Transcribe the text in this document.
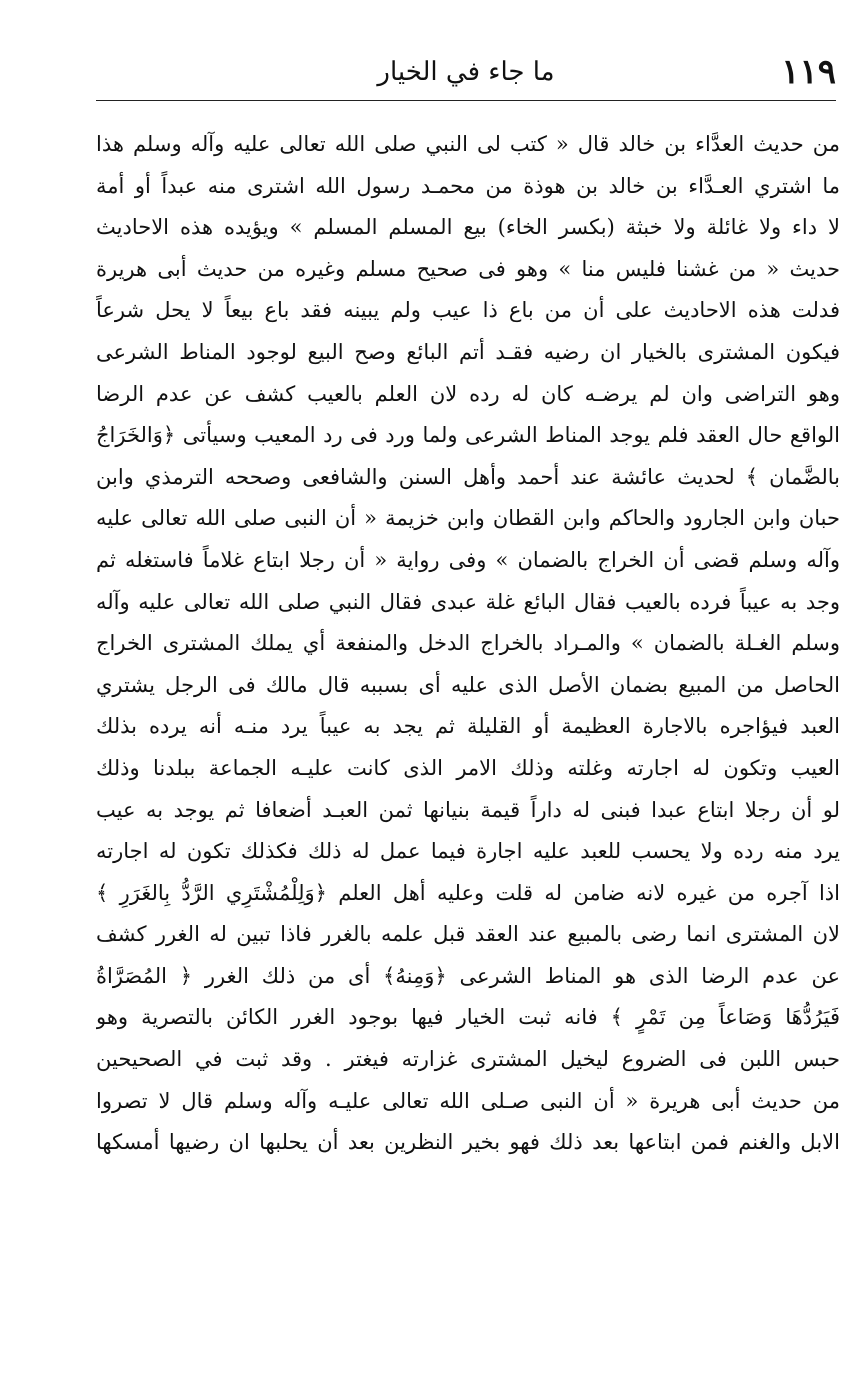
١١٩
ما جاء في الخيار
من حديث العدَّاء بن خالد قال « كتب لى النبي صلى الله تعالى عليه وآله وسلم هذا
ما اشتري العـدَّاء بن خالد بن هوذة من محمـد رسول الله اشترى منه عبداً أو أمة
لا داء ولا غائلة ولا خبثة (بكسر الخاء) بيع المسلم المسلم » ويؤيده هذه الاحاديث
حديث « من غشنا فليس منا » وهو فى صحيح مسلم وغيره من حديث أبى هريرة
فدلت هذه الاحاديث على أن من باع ذا عيب ولم يبينه فقد باع بيعاً لا يحل شرعاً
فيكون المشترى بالخيار ان رضيه فقـد أتم البائع وصح البيع لوجود المناط الشرعى
وهو التراضى وان لم يرضـه كان له رده لان العلم بالعيب كشف عن عدم الرضا
الواقع حال العقد فلم يوجد المناط الشرعى ولما ورد فى رد المعيب وسيأتى ﴿وَالخَرَاجُ
بالضَّمان ﴾ لحديث عائشة عند أحمد وأهل السنن والشافعى وصححه الترمذي وابن
حبان وابن الجارود والحاكم وابن القطان وابن خزيمة « أن النبى صلى الله تعالى عليه
وآله وسلم قضى أن الخراج بالضمان » وفى رواية « أن رجلا ابتاع غلاماً فاستغله ثم
وجد به عيباً فرده بالعيب فقال البائع غلة عبدى فقال النبي صلى الله تعالى عليه وآله
وسلم الغـلة بالضمان » والمـراد بالخراج الدخل والمنفعة أي يملك المشترى الخراج
الحاصل من المبيع بضمان الأصل الذى عليه أى بسببه قال مالك فى الرجل يشتري
العبد فيؤاجره بالاجارة العظيمة أو القليلة ثم يجد به عيباً يرد منـه أنه يرده بذلك
العيب وتكون له اجارته وغلته وذلك الامر الذى كانت عليـه الجماعة ببلدنا وذلك
لو أن رجلا ابتاع عبدا فبنى له داراً قيمة بنيانها ثمن العبـد أضعافا ثم يوجد به عيب
يرد منه رده ولا يحسب للعبد عليه اجارة فيما عمل له ذلك فكذلك تكون له اجارته
اذا آجره من غيره لانه ضامن له قلت وعليه أهل العلم ﴿وَلِلْمُشْتَرِي الرَّدُّ بِالغَرَرِ ﴾
لان المشترى انما رضى بالمبيع عند العقد قبل علمه بالغرر فاذا تبين له الغرر كشف
عن عدم الرضا الذى هو المناط الشرعى ﴿وَمِنهُ﴾ أى من ذلك الغرر ﴿ المُصَرَّاةُ
فَيَرُدُّهَا وَصَاعاً مِن تَمْرٍ ﴾ فانه ثبت الخيار فيها بوجود الغرر الكائن بالتصرية وهو
حبس اللبن فى الضروع ليخيل المشترى غزارته فيغتر . وقد ثبت في الصحيحين
من حديث أبى هريرة « أن النبى صـلى الله تعالى عليـه وآله وسلم قال لا تصروا
الابل والغنم فمن ابتاعها بعد ذلك فهو بخير النظرين بعد أن يحلبها ان رضيها أمسكها
